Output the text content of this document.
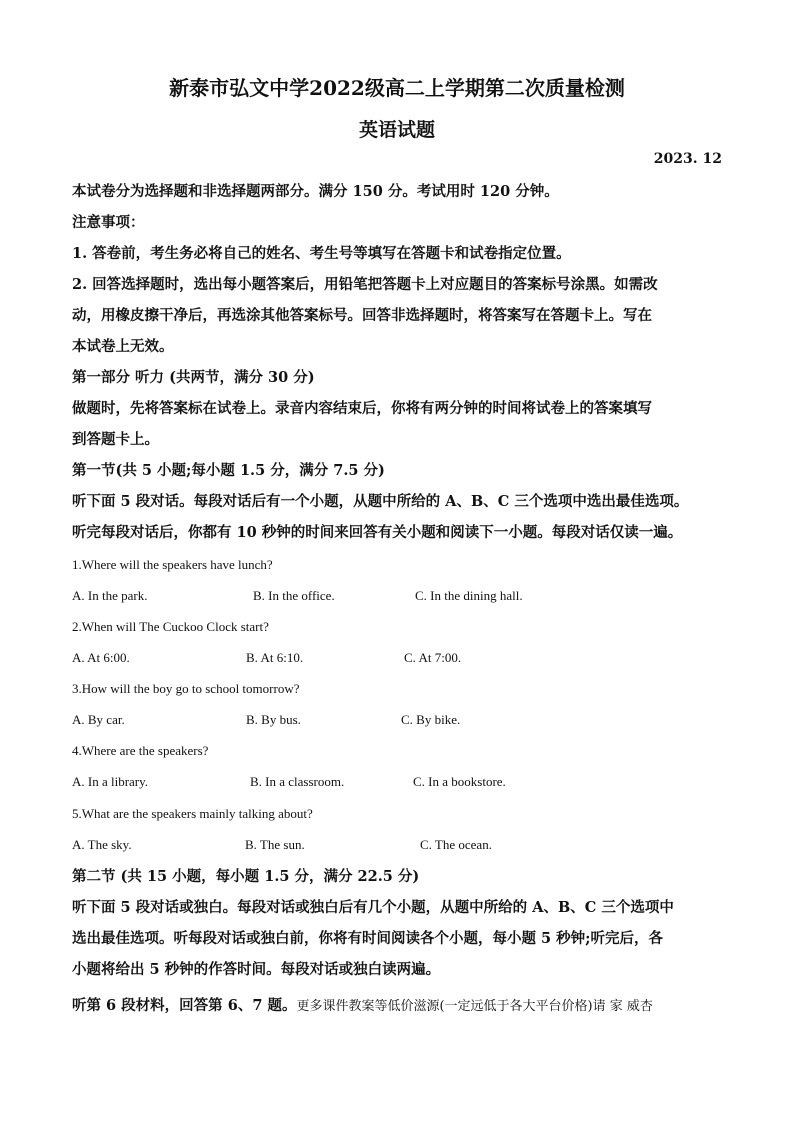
新泰市弘文中学2022级高二上学期第二次质量检测
英语试题
2023. 12
本试卷分为选择题和非选择题两部分。满分 150 分。考试用时 120 分钟。
注意事项：
1. 答卷前，考生务必将自己的姓名、考生号等填写在答题卡和试卷指定位置。
2. 回答选择题时，选出每小题答案后，用铅笔把答题卡上对应题目的答案标号涂黑。如需改
动，用橡皮擦干净后，再选涂其他答案标号。回答非选择题时，将答案写在答题卡上。写在
本试卷上无效。
第一部分 听力 (共两节，满分 30 分)
做题时，先将答案标在试卷上。录音内容结束后，你将有两分钟的时间将试卷上的答案填写
到答题卡上。
第一节(共 5 小题;每小题 1.5 分，满分 7.5 分)
听下面 5 段对话。每段对话后有一个小题，从题中所给的 A、B、C 三个选项中选出最佳选项。
听完每段对话后，你都有 10 秒钟的时间来回答有关小题和阅读下一小题。每段对话仅读一遍。
1.Where will the speakers have lunch?
A. In the park.	B. In the office.	C. In the dining hall.
2.When will The Cuckoo Clock start?
A. At 6:00.	B. At 6:10.	C. At 7:00.
3.How will the boy go to school tomorrow?
A. By car.	B. By bus.	C. By bike.
4.Where are the speakers?
A. In a library.	B. In a classroom.	C. In a bookstore.
5.What are the speakers mainly talking about?
A. The sky.	B. The sun.	C. The ocean.
第二节 (共 15 小题，每小题 1.5 分，满分 22.5 分)
听下面 5 段对话或独白。每段对话或独白后有几个小题，从题中所给的 A、B、C 三个选项中
选出最佳选项。听每段对话或独白前，你将有时间阅读各个小题，每小题 5 秒钟;听完后，各
小题将给出 5 秒钟的作答时间。每段对话或独白读两遍。
听第 6 段材料，回答第 6、7 题。更多课件教案等低价滋源(一定远低于各大平台价格)请 家 威杏
